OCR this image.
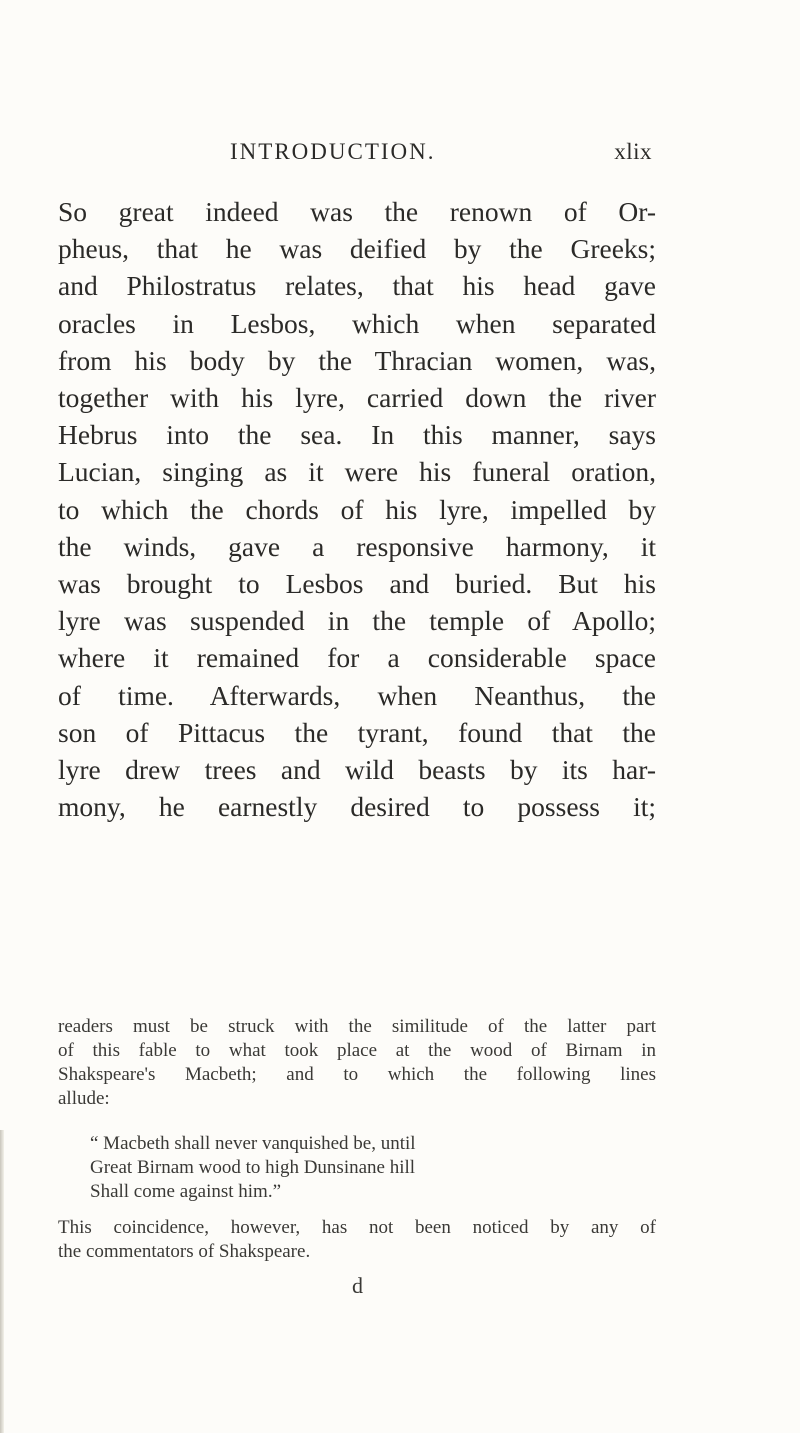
INTRODUCTION.	xlix
So great indeed was the renown of Or-
pheus, that he was deified by the Greeks;
and Philostratus relates, that his head gave
oracles in Lesbos, which when separated
from his body by the Thracian women, was,
together with his lyre, carried down the river
Hebrus into the sea. In this manner, says
Lucian, singing as it were his funeral oration,
to which the chords of his lyre, impelled by
the winds, gave a responsive harmony, it
was brought to Lesbos and buried. But his
lyre was suspended in the temple of Apollo;
where it remained for a considerable space
of time. Afterwards, when Neanthus, the
son of Pittacus the tyrant, found that the
lyre drew trees and wild beasts by its har-
mony, he earnestly desired to possess it;
readers must be struck with the similitude of the latter part
of this fable to what took place at the wood of Birnam in
Shakspeare's Macbeth; and to which the following lines
allude:
“ Macbeth shall never vanquished be, until
Great Birnam wood to high Dunsinane hill
Shall come against him.”
This coincidence, however, has not been noticed by any of
the commentators of Shakspeare.
d
